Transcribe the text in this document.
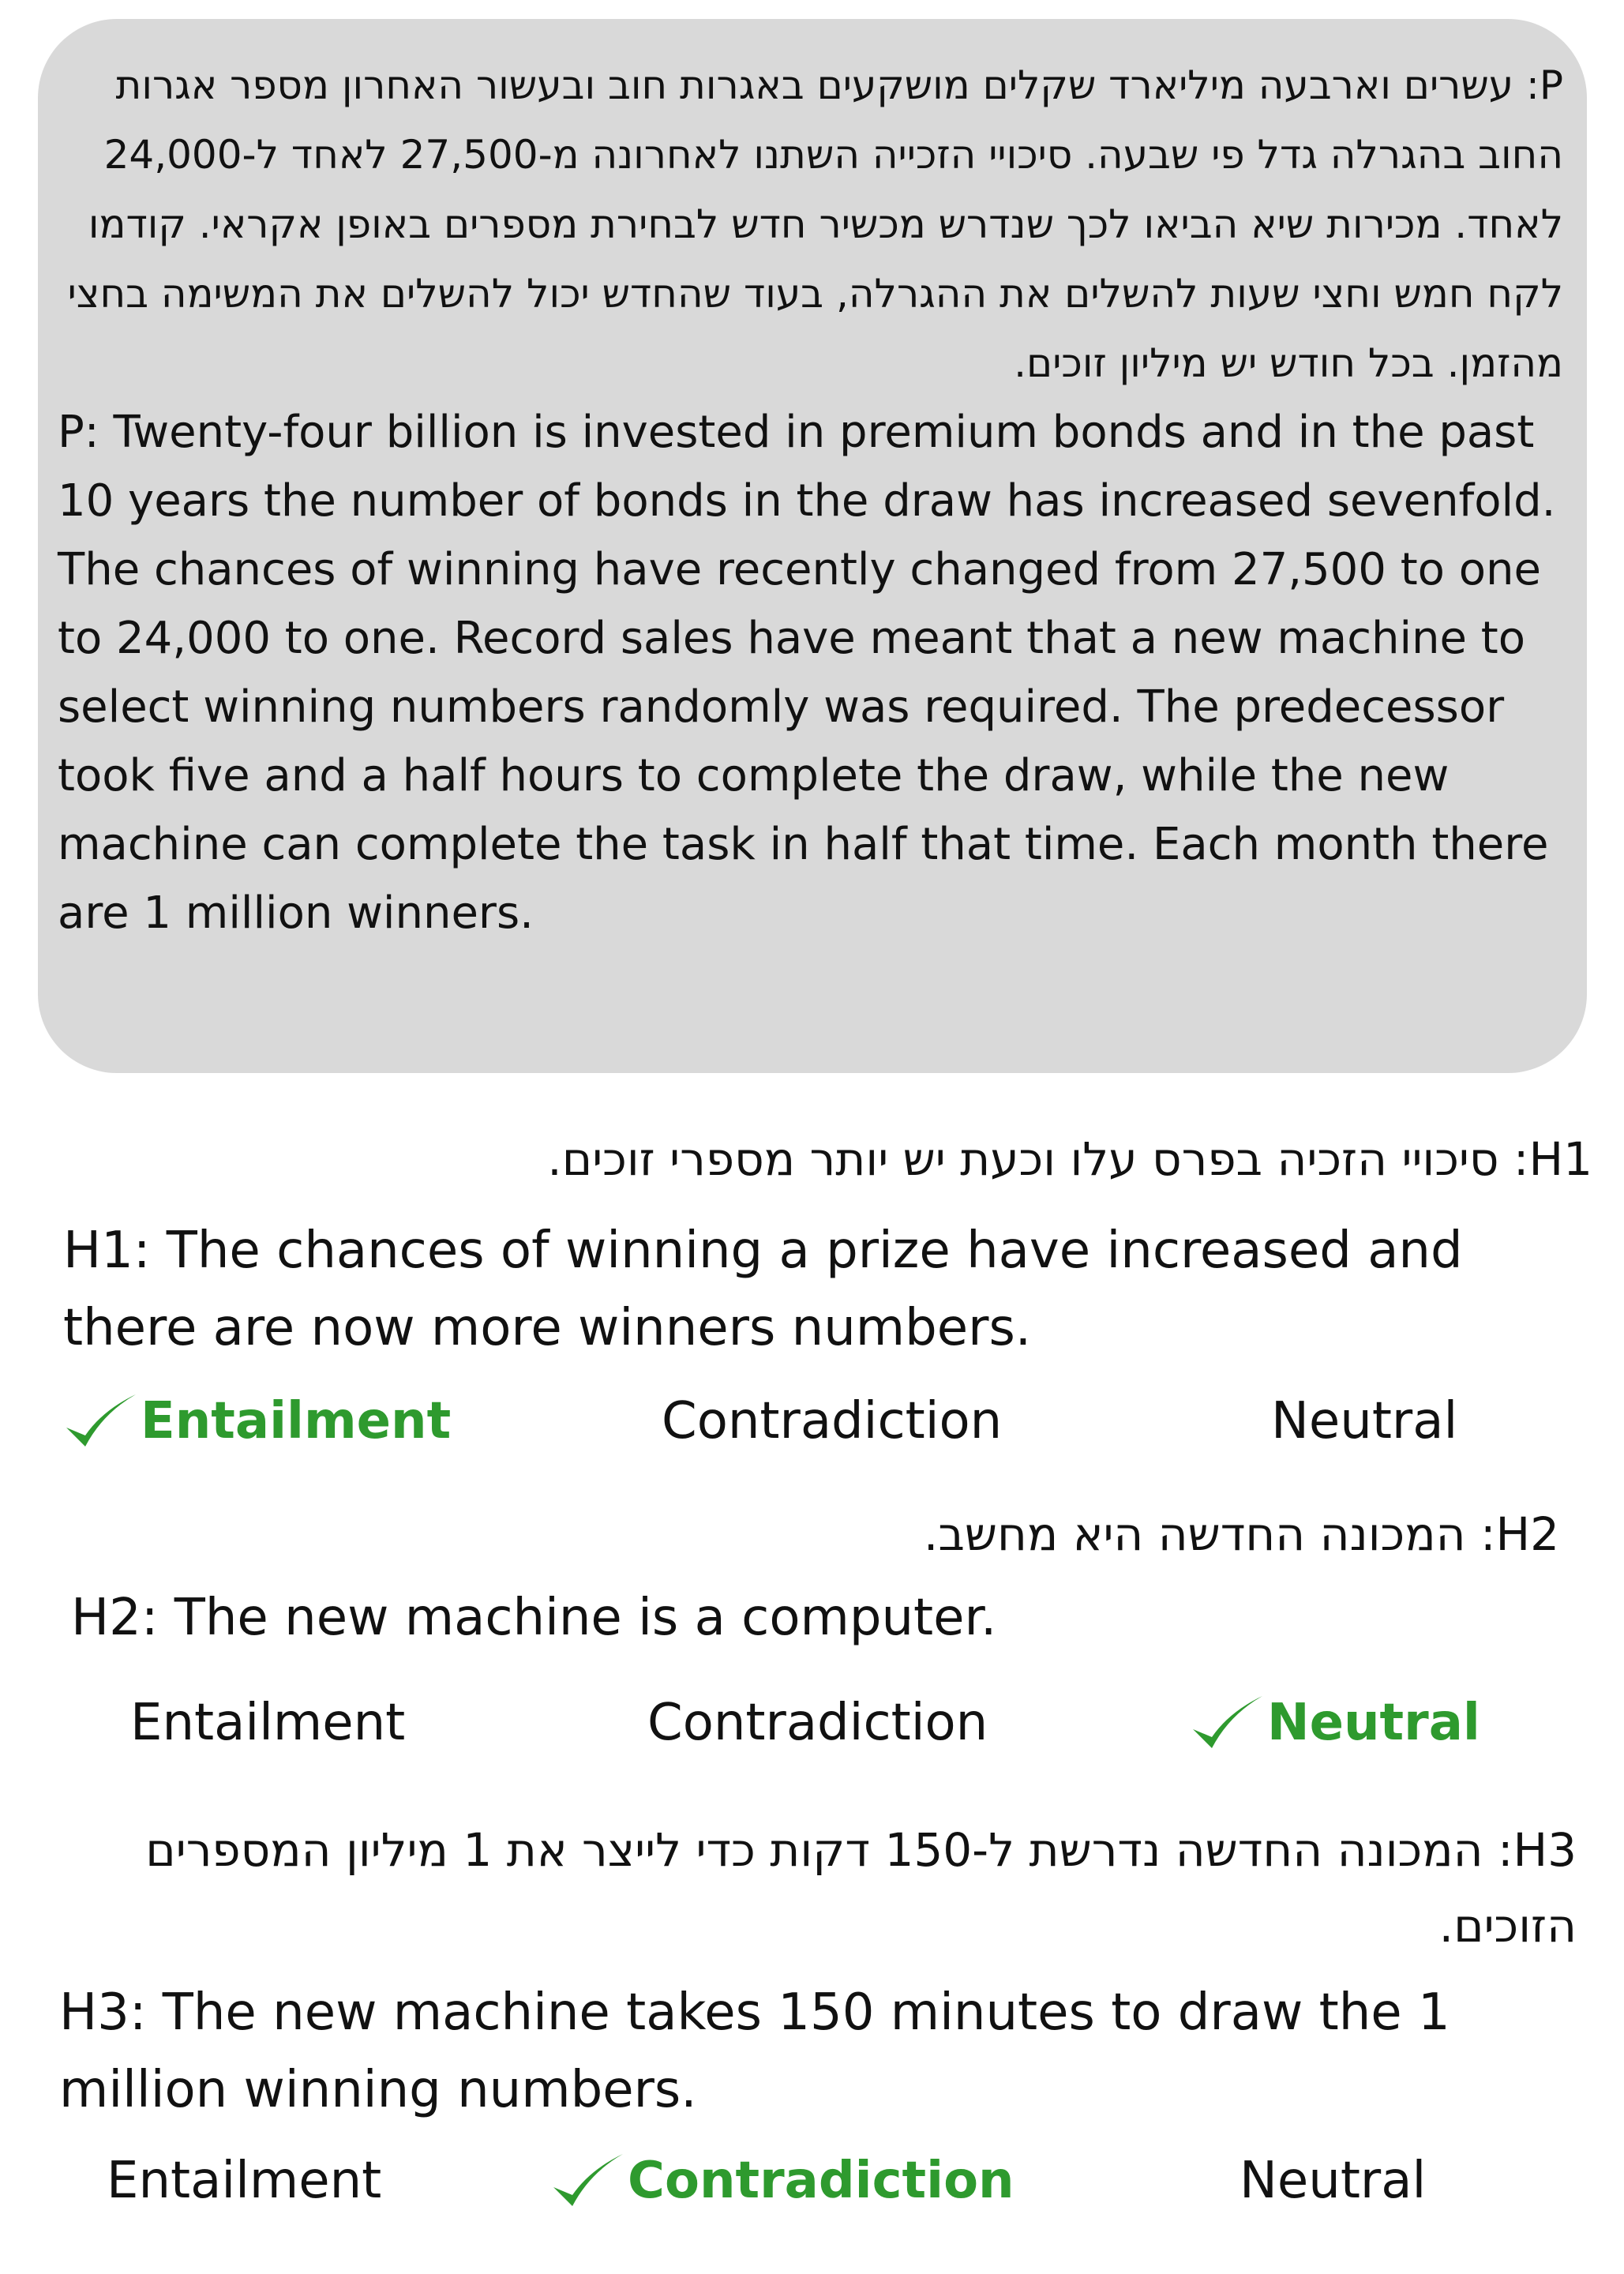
P: עשרים וארבעה מיליארד שקלים מושקעים באגרות חוב ובעשור האחרון מספר אגרות החוב בהגרלה גדל פי שבעה. סיכויי הזכייה השתנו לאחרונה מ-27,500 לאחד ל-24,000 לאחד. מכירות שיא הביאו לכך שנדרש מכשיר חדש לבחירת מספרים באופן אקראי. קודמו לקח חמש וחצי שעות להשלים את ההגרלה, בעוד שהחדש יכול להשלים את המשימה בחצי מהזמן. בכל חודש יש מיליון זוכים.

P: Twenty-four billion is invested in premium bonds and in the past 10 years the number of bonds in the draw has increased sevenfold. The chances of winning have recently changed from 27,500 to one to 24,000 to one. Record sales have meant that a new machine to select winning numbers randomly was required. The predecessor took five and a half hours to complete the draw, while the new machine can complete the task in half that time. Each month there are 1 million winners.

H1: סיכויי הזכיה בפרס עלו וכעת יש יותר מספרי זוכים.

H1: The chances of winning a prize have increased and there are now more winners numbers.

Entailment	Contradiction	Neutral

H2: המכונה החדשה היא מחשב.

H2: The new machine is a computer.

Entailment	Contradiction	Neutral

H3: המכונה החדשה נדרשת ל-150 דקות כדי לייצר את 1 מיליון המספרים הזוכים.

H3: The new machine takes 150 minutes to draw the 1 million winning numbers.

Entailment	Contradiction	Neutral
